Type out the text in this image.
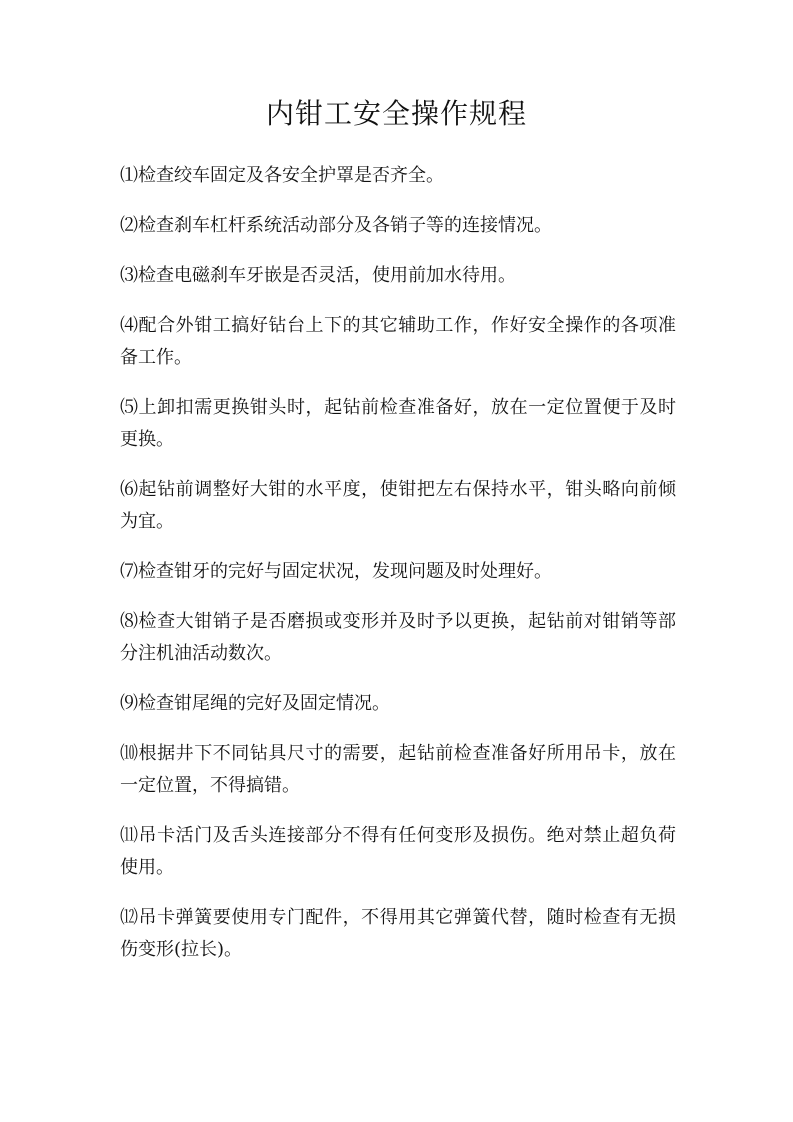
内钳工安全操作规程

⑴检查绞车固定及各安全护罩是否齐全。

⑵检查刹车杠杆系统活动部分及各销子等的连接情况。

⑶检查电磁刹车牙嵌是否灵活，使用前加水待用。

⑷配合外钳工搞好钻台上下的其它辅助工作，作好安全操作的各项准备工作。

⑸上卸扣需更换钳头时，起钻前检查准备好，放在一定位置便于及时更换。

⑹起钻前调整好大钳的水平度，使钳把左右保持水平，钳头略向前倾为宜。

⑺检查钳牙的完好与固定状况，发现问题及时处理好。

⑻检查大钳销子是否磨损或变形并及时予以更换，起钻前对钳销等部分注机油活动数次。

⑼检查钳尾绳的完好及固定情况。

⑽根据井下不同钻具尺寸的需要，起钻前检查准备好所用吊卡，放在一定位置，不得搞错。

⑾吊卡活门及舌头连接部分不得有任何变形及损伤。绝对禁止超负荷使用。

⑿吊卡弹簧要使用专门配件，不得用其它弹簧代替，随时检查有无损伤变形(拉长)。
